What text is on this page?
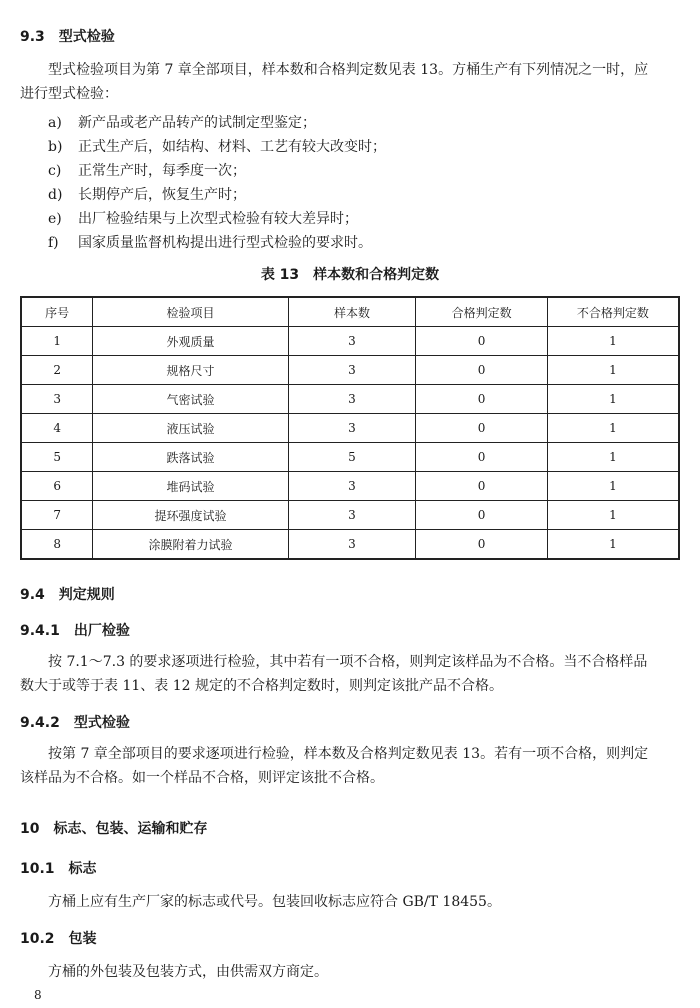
9.3　型式检验
型式检验项目为第 7 章全部项目，样本数和合格判定数见表 13。方桶生产有下列情况之一时，应
进行型式检验：
a) 新产品或老产品转产的试制定型鉴定；
b) 正式生产后，如结构、材料、工艺有较大改变时；
c) 正常生产时，每季度一次；
d) 长期停产后，恢复生产时；
e) 出厂检验结果与上次型式检验有较大差异时；
f) 国家质量监督机构提出进行型式检验的要求时。
表 13　样本数和合格判定数
序号	检验项目	样本数	合格判定数	不合格判定数
1	外观质量	3	0	1
2	规格尺寸	3	0	1
3	气密试验	3	0	1
4	液压试验	3	0	1
5	跌落试验	5	0	1
6	堆码试验	3	0	1
7	提环强度试验	3	0	1
8	涂膜附着力试验	3	0	1
9.4　判定规则
9.4.1　出厂检验
按 7.1～7.3 的要求逐项进行检验，其中若有一项不合格，则判定该样品为不合格。当不合格样品
数大于或等于表 11、表 12 规定的不合格判定数时，则判定该批产品不合格。
9.4.2　型式检验
按第 7 章全部项目的要求逐项进行检验，样本数及合格判定数见表 13。若有一项不合格，则判定
该样品为不合格。如一个样品不合格，则评定该批不合格。
10　标志、包装、运输和贮存
10.1　标志
方桶上应有生产厂家的标志或代号。包装回收标志应符合 GB/T 18455。
10.2　包装
方桶的外包装及包装方式，由供需双方商定。
8
